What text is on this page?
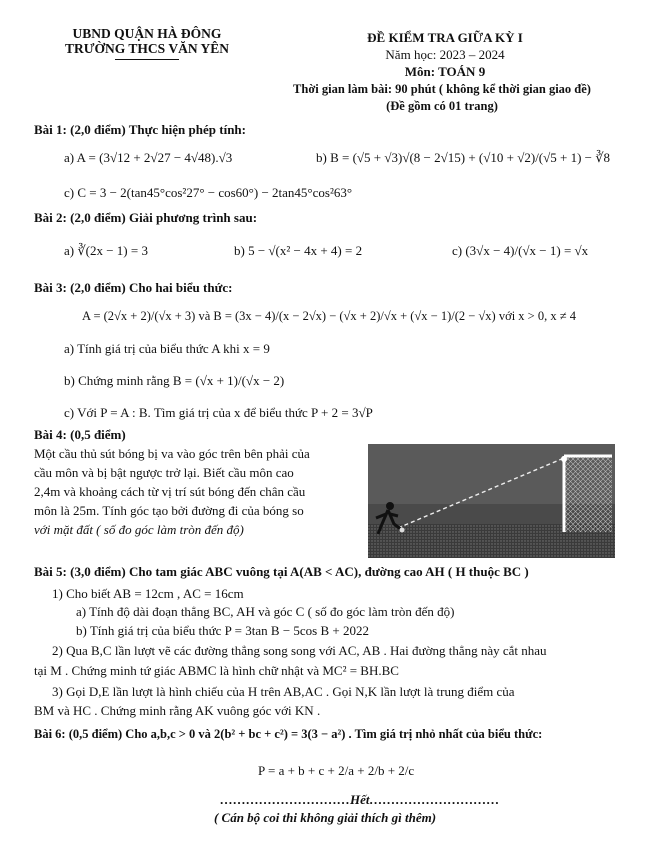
UBND QUẬN HÀ ĐÔNG
TRƯỜNG THCS VĂN YÊN
ĐỀ KIỂM TRA GIỮA KỲ I
Năm học: 2023 – 2024
Môn: TOÁN 9
Thời gian làm bài: 90 phút ( không kể thời gian giao đề)
(Đề gồm có 01 trang)
Bài 1: (2,0 điểm) Thực hiện phép tính:
a) A = (3√12 + 2√27 − 4√48).√3	b) B = (√5 + √3)√(8 − 2√15) + (√10 + √2)/(√5 + 1) − ∛8
c) C = 3 − 2(tan45°cos²27° − cos60°) − 2tan45°cos²63°
Bài 2: (2,0 điểm) Giải phương trình sau:
a) ∛(2x − 1) = 3	b) 5 − √(x² − 4x + 4) = 2	c) (3√x − 4)/(√x − 1) = √x
Bài 3: (2,0 điểm) Cho hai biểu thức:
A = (2√x + 2)/(√x + 3) và B = (3x − 4)/(x − 2√x) − (√x + 2)/√x + (√x − 1)/(2 − √x) với x > 0, x ≠ 4
a) Tính giá trị của biểu thức A khi x = 9
b) Chứng minh rằng B = (√x + 1)/(√x − 2)
c) Với P = A : B. Tìm giá trị của x để biểu thức P + 2 = 3√P
Bài 4: (0,5 điểm)
Một cầu thủ sút bóng bị va vào góc trên bên phải của
cầu môn và bị bật ngược trở lại. Biết cầu môn cao
2,4m và khoảng cách từ vị trí sút bóng đến chân cầu
môn là 25m. Tính góc tạo bởi đường đi của bóng so
với mặt đất ( số đo góc làm tròn đến độ)
Bài 5: (3,0 điểm) Cho tam giác ABC vuông tại A(AB < AC), đường cao AH ( H thuộc BC )
1) Cho biết AB = 12cm , AC = 16cm
a) Tính độ dài đoạn thẳng BC, AH và góc C ( số đo góc làm tròn đến độ)
b) Tính giá trị của biểu thức P = 3tan B − 5cos B + 2022
2) Qua B,C lần lượt vẽ các đường thẳng song song với AC, AB . Hai đường thẳng này cắt nhau
tại M . Chứng minh tứ giác ABMC là hình chữ nhật và MC² = BH.BC
3) Gọi D,E lần lượt là hình chiếu của H trên AB,AC . Gọi N,K lần lượt là trung điểm của
BM và HC . Chứng minh rằng AK vuông góc với KN .
Bài 6: (0,5 điểm) Cho a,b,c > 0 và 2(b² + bc + c²) = 3(3 − a²) . Tìm giá trị nhỏ nhất của biểu thức:
P = a + b + c + 2/a + 2/b + 2/c
…………………………Hết…………………………
( Cán bộ coi thi không giải thích gì thêm)
